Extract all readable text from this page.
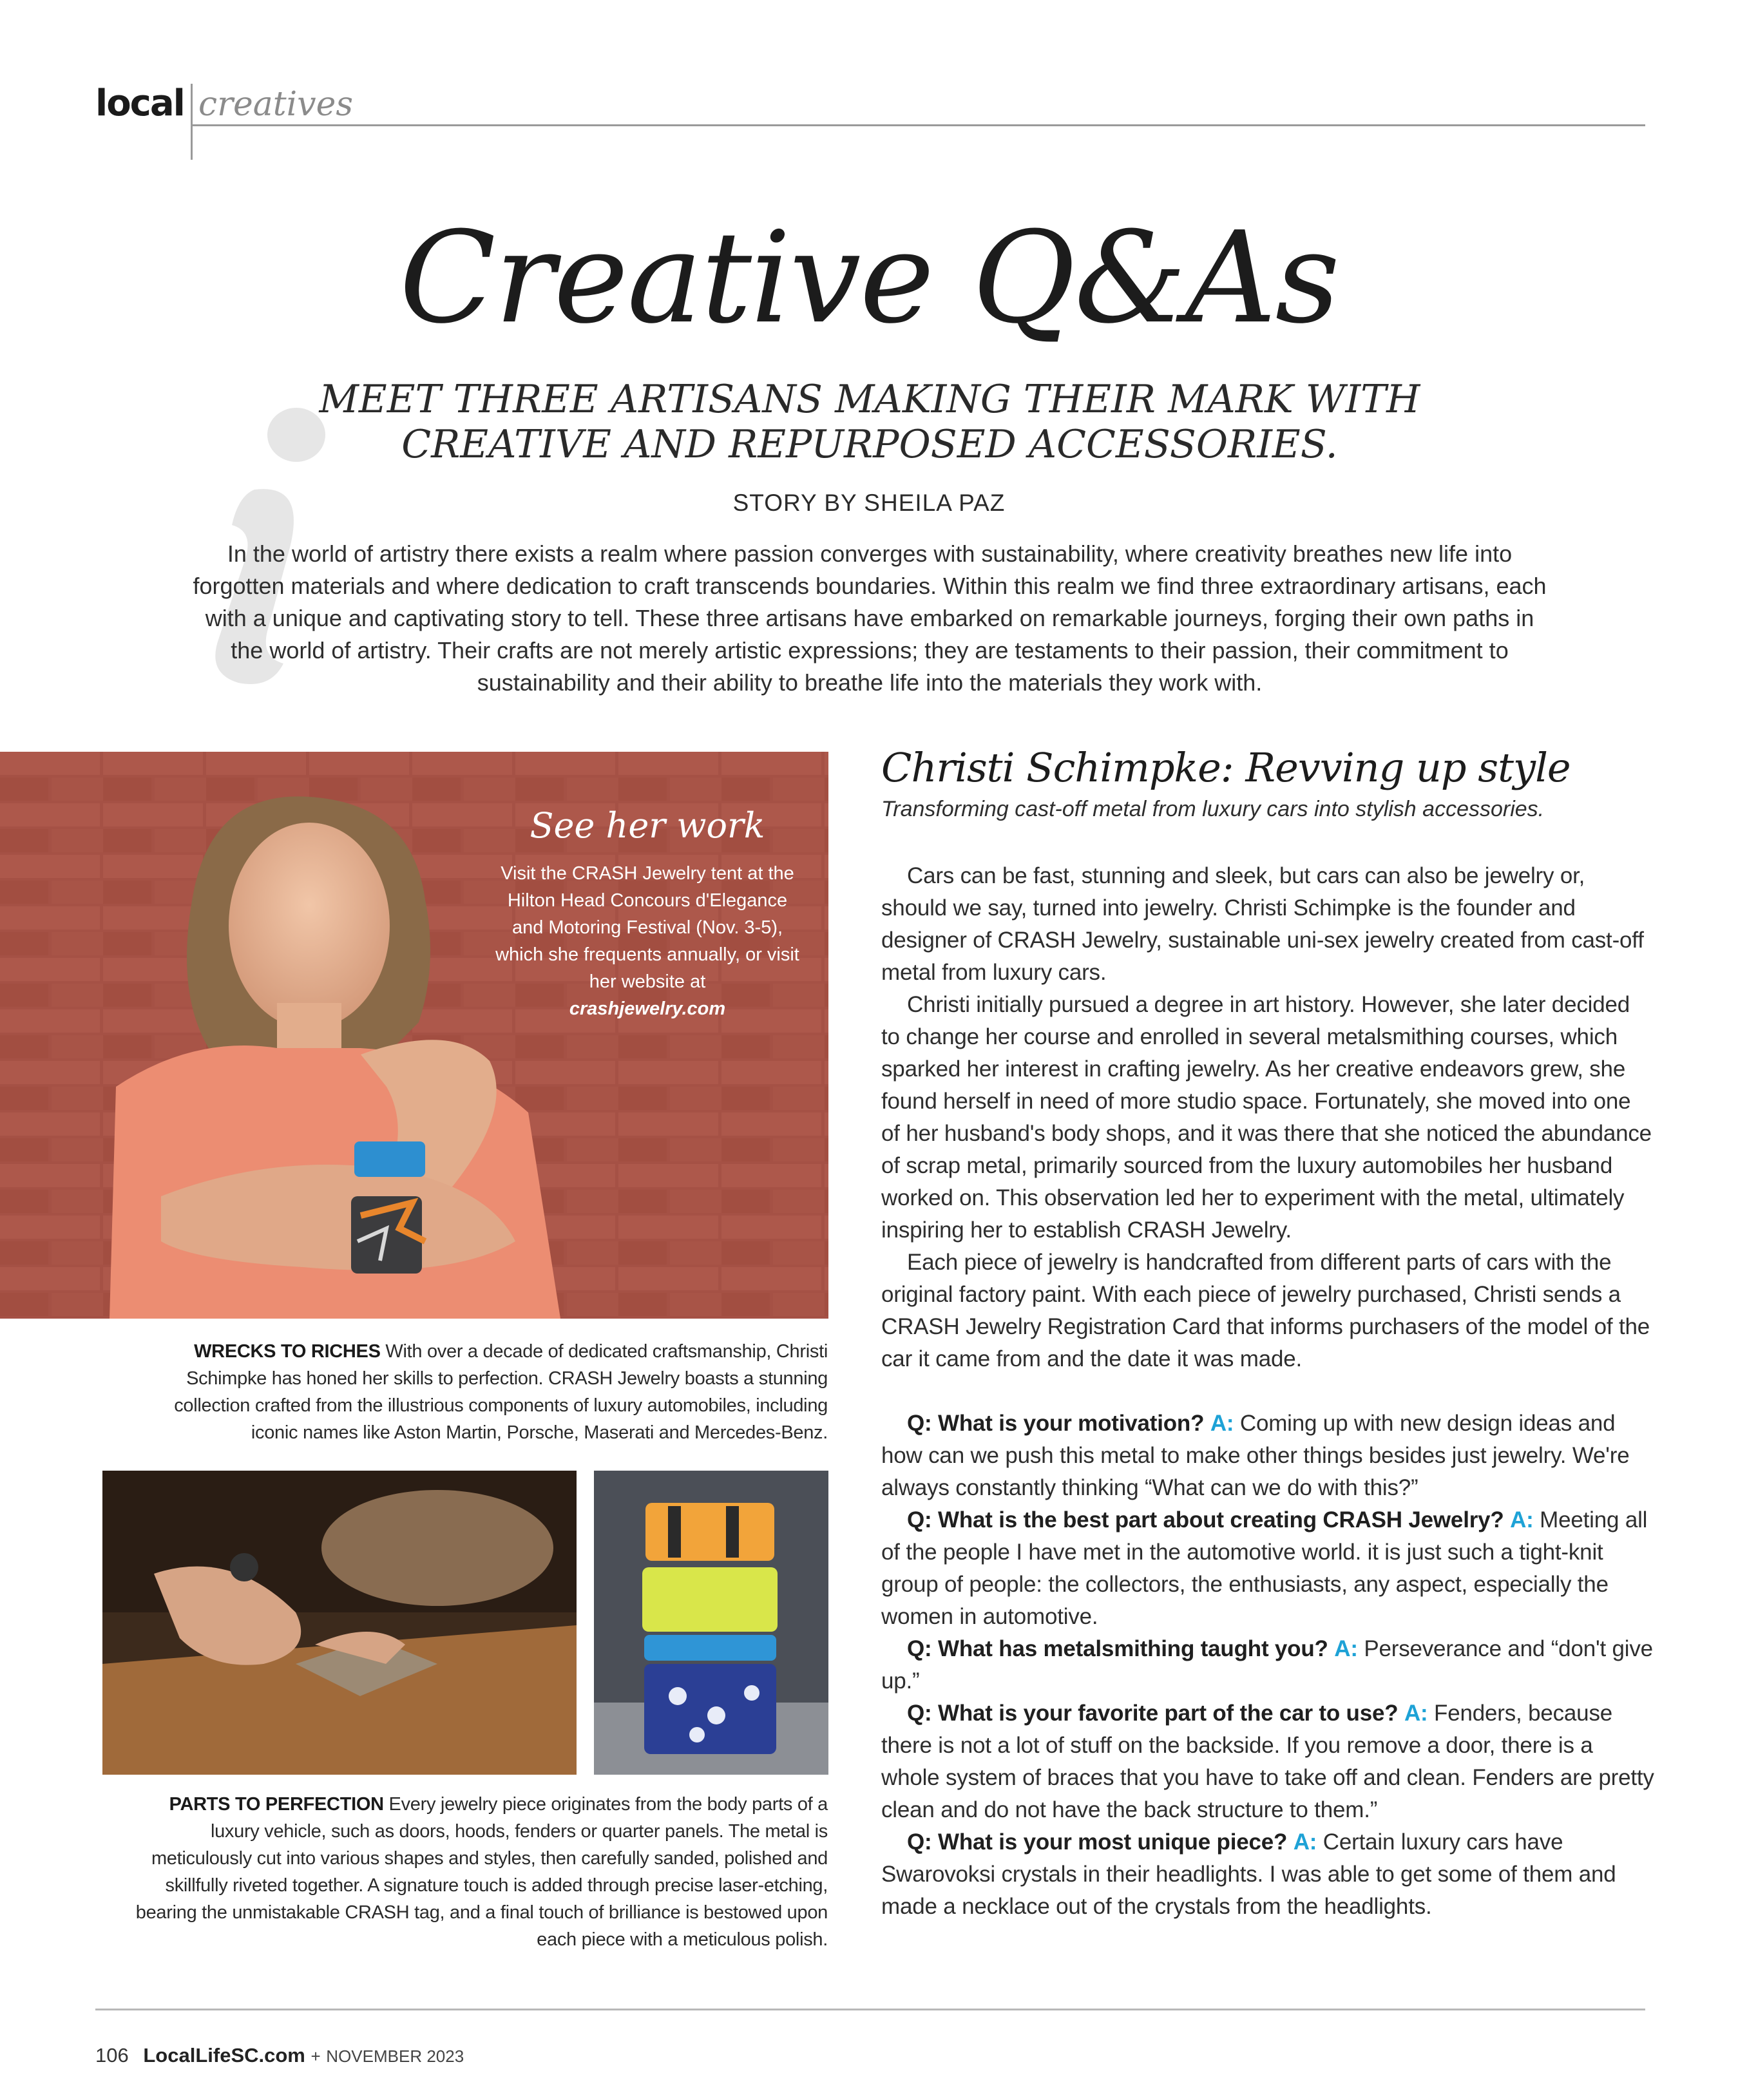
local creatives
Creative Q&As
MEET THREE ARTISANS MAKING THEIR MARK WITH CREATIVE AND REPURPOSED ACCESSORIES.
STORY BY SHEILA PAZ
In the world of artistry there exists a realm where passion converges with sustainability, where creativity breathes new life into forgotten materials and where dedication to craft transcends boundaries. Within this realm we find three extraordinary artisans, each with a unique and captivating story to tell. These three artisans have embarked on remarkable journeys, forging their own paths in the world of artistry. Their crafts are not merely artistic expressions; they are testaments to their passion, their commitment to sustainability and their ability to breathe life into the materials they work with.
See her work
Visit the CRASH Jewelry tent at the Hilton Head Concours d'Elegance and Motoring Festival (Nov. 3-5), which she frequents annually, or visit her website at
crashjewelry.com
WRECKS TO RICHES With over a decade of dedicated craftsmanship, Christi Schimpke has honed her skills to perfection. CRASH Jewelry boasts a stunning collection crafted from the illustrious components of luxury automobiles, including iconic names like Aston Martin, Porsche, Maserati and Mercedes-Benz.
PARTS TO PERFECTION Every jewelry piece originates from the body parts of a luxury vehicle, such as doors, hoods, fenders or quarter panels. The metal is meticulously cut into various shapes and styles, then carefully sanded, polished and skillfully riveted together. A signature touch is added through precise laser-etching, bearing the unmistakable CRASH tag, and a final touch of brilliance is bestowed upon each piece with a meticulous polish.
Christi Schimpke: Revving up style
Transforming cast-off metal from luxury cars into stylish accessories.

Cars can be fast, stunning and sleek, but cars can also be jewelry or, should we say, turned into jewelry. Christi Schimpke is the founder and designer of CRASH Jewelry, sustainable uni-sex jewelry created from cast-off metal from luxury cars.

Christi initially pursued a degree in art history. However, she later decided to change her course and enrolled in several metalsmithing courses, which sparked her interest in crafting jewelry. As her creative endeavors grew, she found herself in need of more studio space. Fortunately, she moved into one of her husband's body shops, and it was there that she noticed the abundance of scrap metal, primarily sourced from the luxury automobiles her husband worked on. This observation led her to experiment with the metal, ultimately inspiring her to establish CRASH Jewelry.

Each piece of jewelry is handcrafted from different parts of cars with the original factory paint. With each piece of jewelry purchased, Christi sends a CRASH Jewelry Registration Card that informs purchasers of the model of the car it came from and the date it was made.

Q: What is your motivation? A: Coming up with new design ideas and how can we push this metal to make other things besides just jewelry. We're always constantly thinking “What can we do with this?”

Q: What is the best part about creating CRASH Jewelry? A: Meeting all of the people I have met in the automotive world. it is just such a tight-knit group of people: the collectors, the enthusiasts, any aspect, especially the women in automotive.

Q: What has metalsmithing taught you? A: Perseverance and “don't give up.”

Q: What is your favorite part of the car to use? A: Fenders, because there is not a lot of stuff on the backside. If you remove a door, there is a whole system of braces that you have to take off and clean. Fenders are pretty clean and do not have the back structure to them.”

Q: What is your most unique piece? A: Certain luxury cars have Swarovoksi crystals in their headlights. I was able to get some of them and made a necklace out of the crystals from the headlights.

106 LocalLifeSC.com + NOVEMBER 2023
